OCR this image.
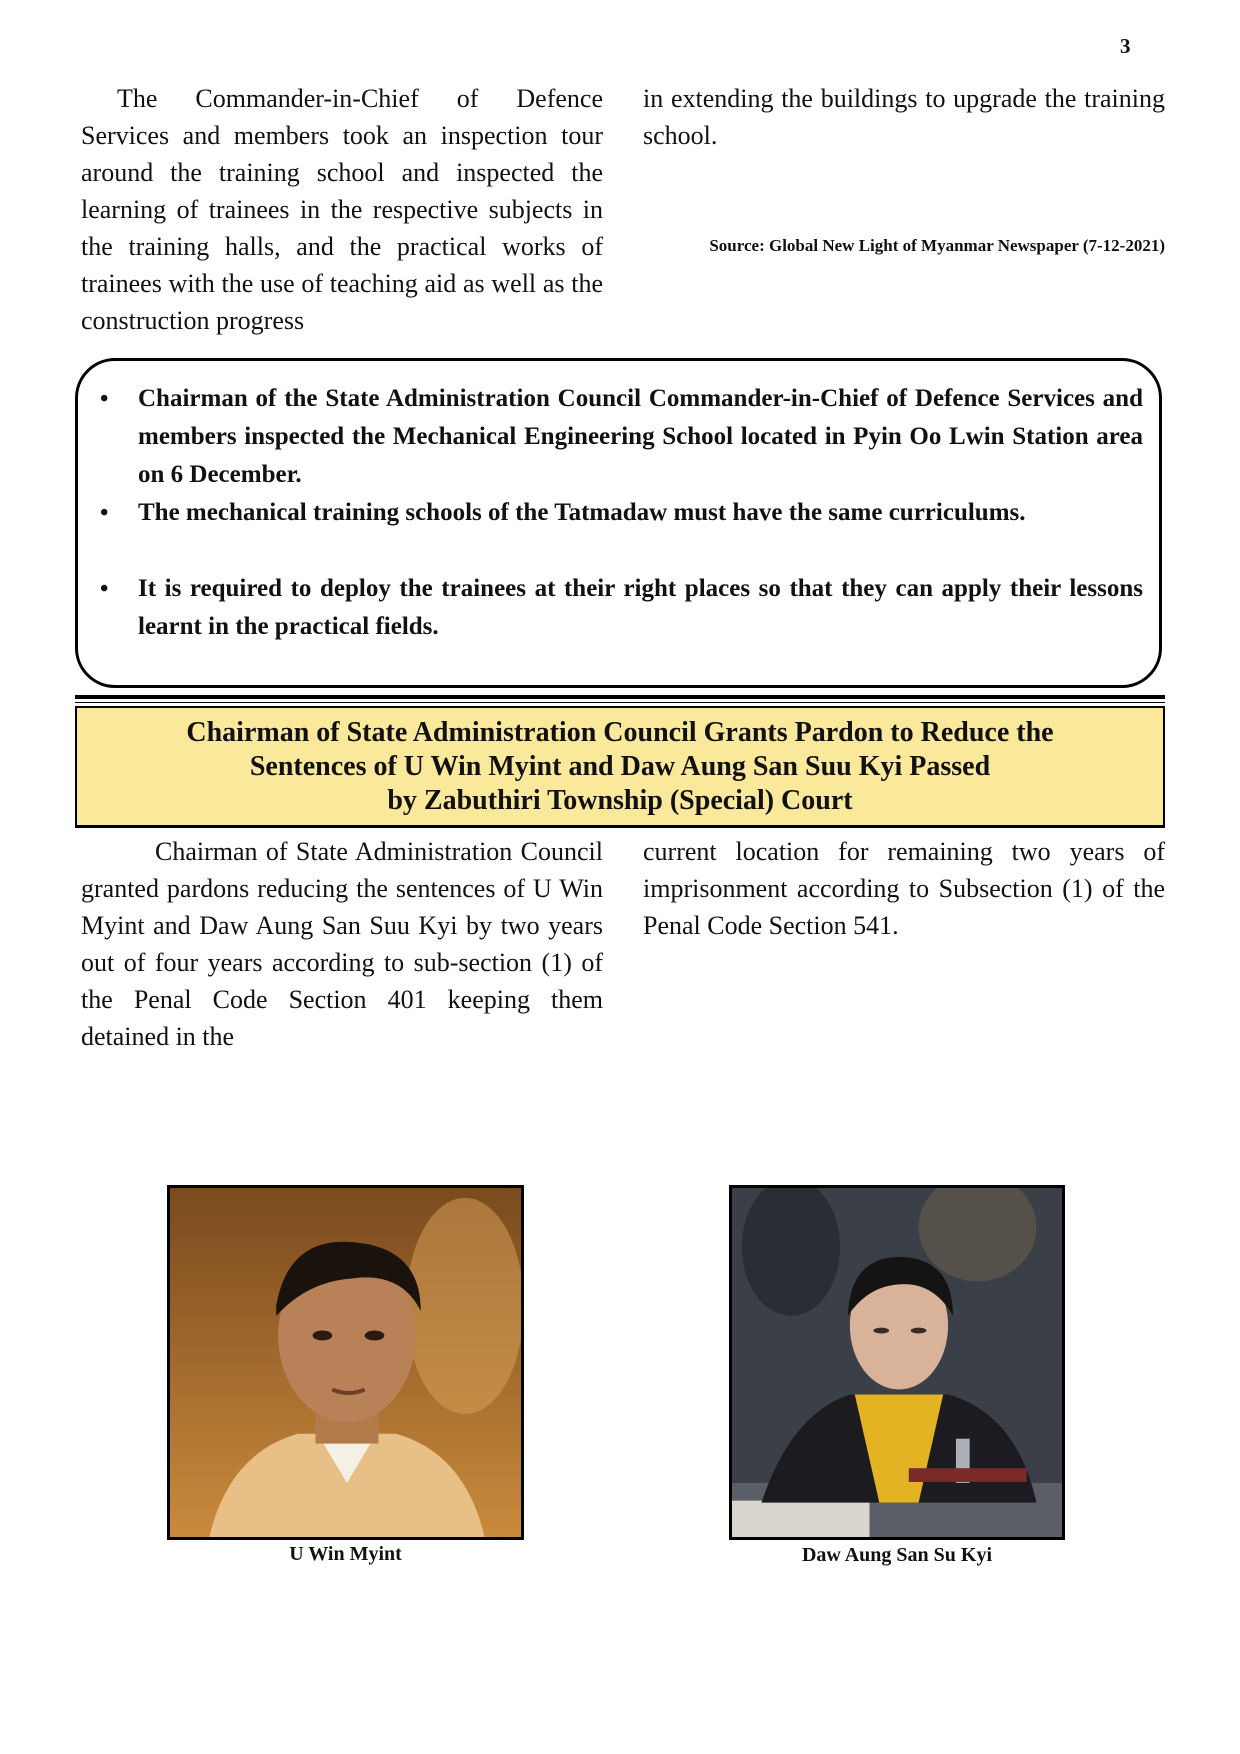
3

The Commander-in-Chief of Defence Services and members took an inspection tour around the training school and inspected the learning of trainees in the respective subjects in the training halls, and the practical works of trainees with the use of teaching aid as well as the construction progress

in extending the buildings to upgrade the training school.

Source: Global New Light of Myanmar Newspaper (7-12-2021)
• Chairman of the State Administration Council Commander-in-Chief of Defence Services and members inspected the Mechanical Engineering School located in Pyin Oo Lwin Station area on 6 December.
• The mechanical training schools of the Tatmadaw must have the same curriculums.
• It is required to deploy the trainees at their right places so that they can apply their lessons learnt in the practical fields.
Chairman of State Administration Council Grants Pardon to Reduce the
Sentences of U Win Myint and Daw Aung San Suu Kyi Passed
by Zabuthiri Township (Special) Court

Chairman of State Administration Council granted pardons reducing the sentences of U Win Myint and Daw Aung San Suu Kyi by two years out of four years according to sub-section (1) of the Penal Code Section 401 keeping them detained in the

current location for remaining two years of imprisonment according to Subsection (1) of the Penal Code Section 541.

U Win Myint	Daw Aung San Su Kyi
